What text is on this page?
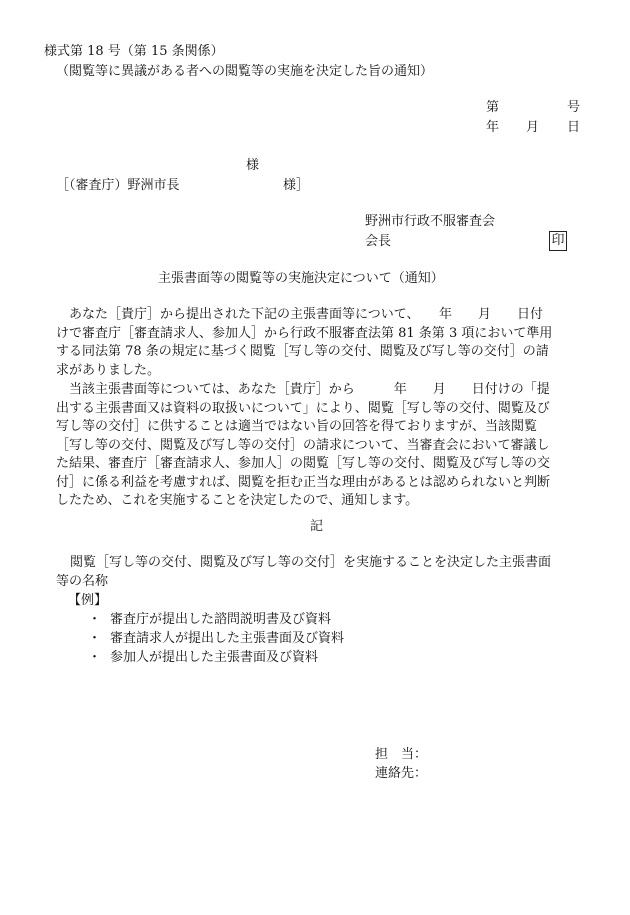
様式第 18 号（第 15 条関係）
（閲覧等に異議がある者への閲覧等の実施を決定した旨の通知）
第	号
年 月 日
様
［（審査庁）野洲市長	様］
野洲市行政不服審査会
会長	印
主張書面等の閲覧等の実施決定について（通知）
あなた［貴庁］から提出された下記の主張書面等について、　　年　　月　　日付
けで審査庁［審査請求人、参加人］から行政不服審査法第 81 条第 3 項において準用
する同法第 78 条の規定に基づく閲覧［写し等の交付、閲覧及び写し等の交付］の請
求がありました。
当該主張書面等については、あなた［貴庁］から　　　年　　月　　日付けの「提
出する主張書面又は資料の取扱いについて」により、閲覧［写し等の交付、閲覧及び
写し等の交付］に供することは適当ではない旨の回答を得ておりますが、当該閲覧
［写し等の交付、閲覧及び写し等の交付］の請求について、当審査会において審議し
た結果、審査庁［審査請求人、参加人］の閲覧［写し等の交付、閲覧及び写し等の交
付］に係る利益を考慮すれば、閲覧を拒む正当な理由があるとは認められないと判断
したため、これを実施することを決定したので、通知します。
記
閲覧［写し等の交付、閲覧及び写し等の交付］を実施することを決定した主張書面
等の名称
【例】
・ 審査庁が提出した諮問説明書及び資料
・ 審査請求人が提出した主張書面及び資料
・ 参加人が提出した主張書面及び資料
担　当：
連絡先：
